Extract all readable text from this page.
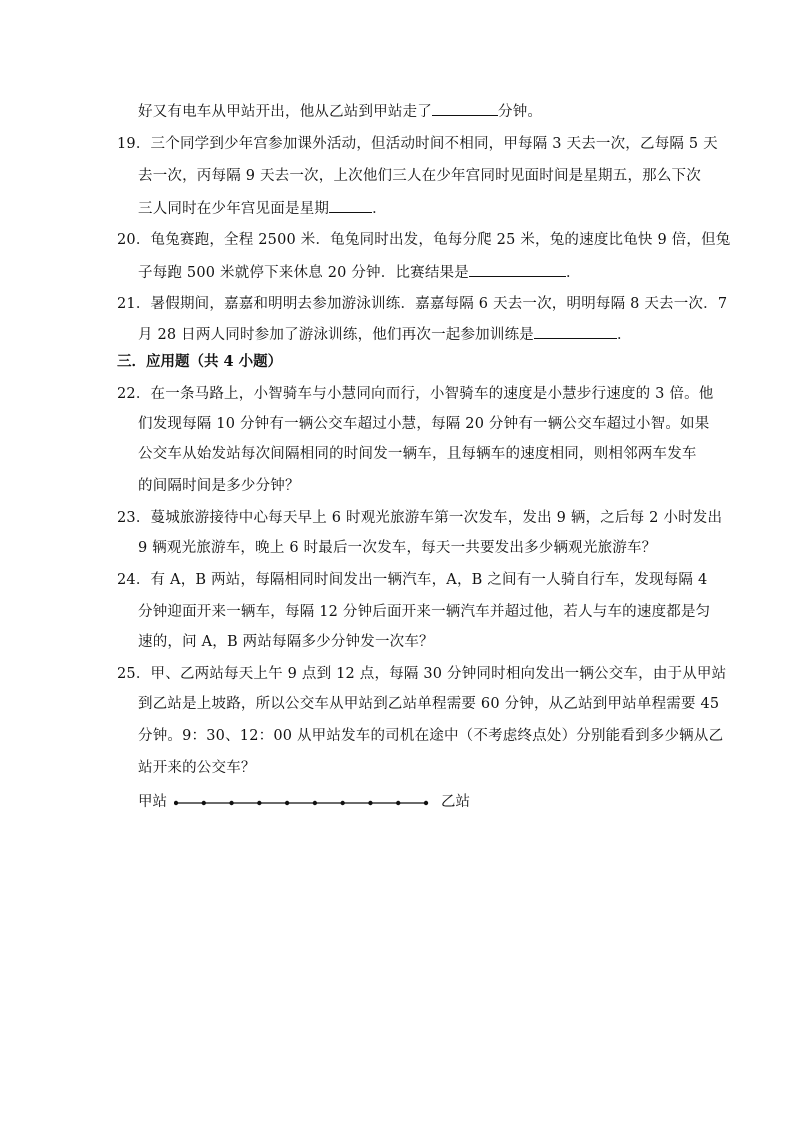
好又有电车从甲站开出，他从乙站到甲站走了	分钟。
19．三个同学到少年宫参加课外活动，但活动时间不相同，甲每隔 3 天去一次，乙每隔 5 天
去一次，丙每隔 9 天去一次，上次他们三人在少年宫同时见面时间是星期五，那么下次
三人同时在少年宫见面是星期	．
20．龟兔赛跑，全程 2500 米．龟兔同时出发，龟每分爬 25 米，兔的速度比龟快 9 倍，但兔
子每跑 500 米就停下来休息 20 分钟．比赛结果是	．
21．暑假期间，嘉嘉和明明去参加游泳训练．嘉嘉每隔 6 天去一次，明明每隔 8 天去一次．7
月 28 日两人同时参加了游泳训练，他们再次一起参加训练是	．
三．应用题（共 4 小题）
22．在一条马路上，小智骑车与小慧同向而行，小智骑车的速度是小慧步行速度的 3 倍。他
们发现每隔 10 分钟有一辆公交车超过小慧，每隔 20 分钟有一辆公交车超过小智。如果
公交车从始发站每次间隔相同的时间发一辆车，且每辆车的速度相同，则相邻两车发车
的间隔时间是多少分钟？
23．蔓城旅游接待中心每天早上 6 时观光旅游车第一次发车，发出 9 辆，之后每 2 小时发出
9 辆观光旅游车，晚上 6 时最后一次发车，每天一共要发出多少辆观光旅游车？
24．有 A，B 两站，每隔相同时间发出一辆汽车，A，B 之间有一人骑自行车，发现每隔 4
分钟迎面开来一辆车，每隔 12 分钟后面开来一辆汽车并超过他，若人与车的速度都是匀
速的，问 A，B 两站每隔多少分钟发一次车？
25．甲、乙两站每天上午 9 点到 12 点，每隔 30 分钟同时相向发出一辆公交车，由于从甲站
到乙站是上坡路，所以公交车从甲站到乙站单程需要 60 分钟，从乙站到甲站单程需要 45
分钟。9：30、12：00 从甲站发车的司机在途中（不考虑终点处）分别能看到多少辆从乙
站开来的公交车？
甲站	乙站
